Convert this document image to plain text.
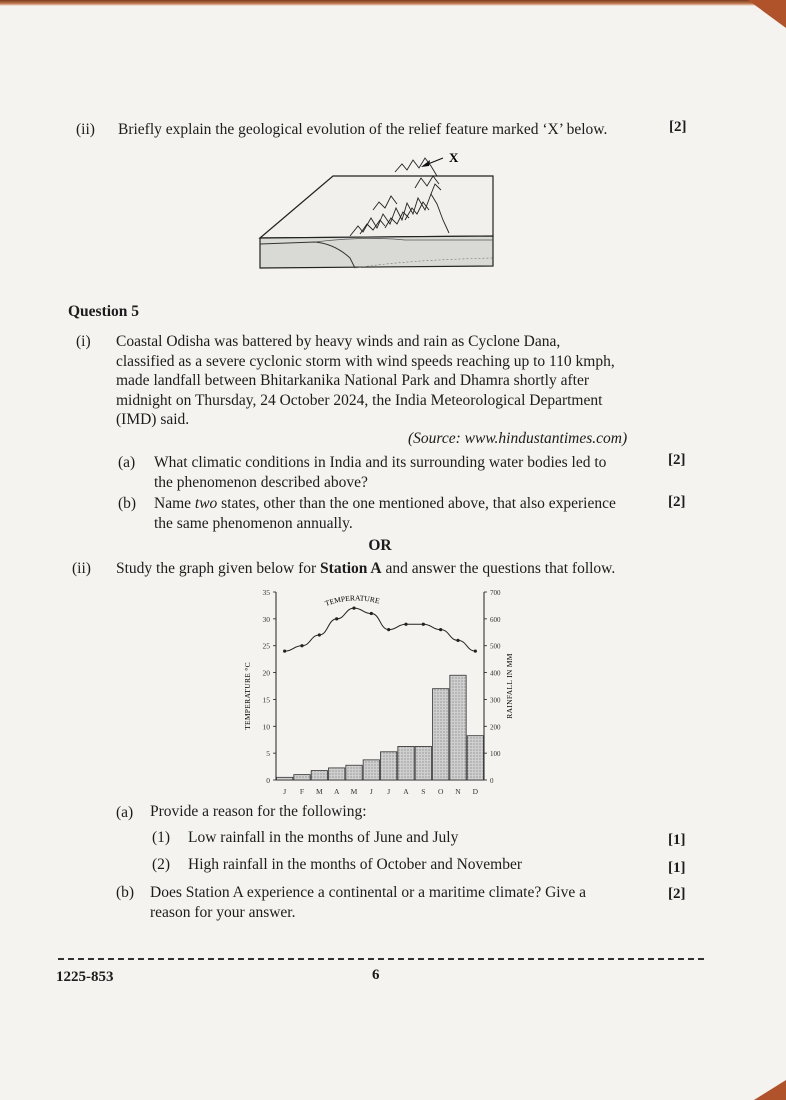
(ii) Briefly explain the geological evolution of the relief feature marked ‘X’ below.	[2]
X
Question 5
(i) Coastal Odisha was battered by heavy winds and rain as Cyclone Dana,
classified as a severe cyclonic storm with wind speeds reaching up to 110 kmph,
made landfall between Bhitarkanika National Park and Dhamra shortly after
midnight on Thursday, 24 October 2024, the India Meteorological Department
(IMD) said.
(Source: www.hindustantimes.com)
(a) What climatic conditions in India and its surrounding water bodies led to
the phenomenon described above?
[2]
(b) Name two states, other than the one mentioned above, that also experience
the same phenomenon annually.
[2]
OR
(ii) Study the graph given below for Station A and answer the questions that follow.
0
5
10
15
20
25
30
35
0
100
200
300
400
500
600
700
TEMPERATURE °C	RAINFALL IN MM
J F M A M J J A S O N D
TEMPERATURE
(a) Provide a reason for the following:
(1) Low rainfall in the months of June and July	[1]
(2) High rainfall in the months of October and November	[1]
(b) Does Station A experience a continental or a maritime climate? Give a
reason for your answer.
[2]
1225-853	6
